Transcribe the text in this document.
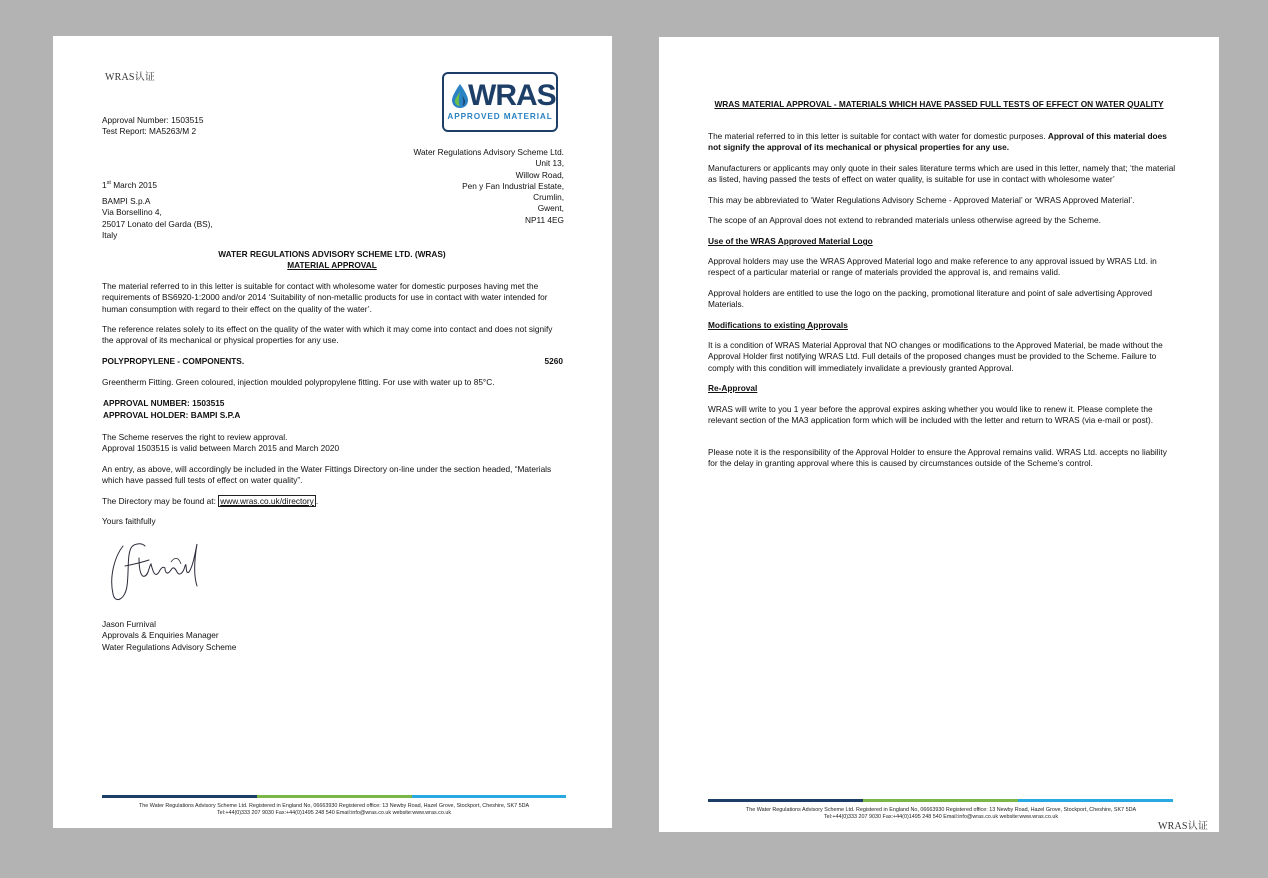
WRAS认证
WRAS
APPROVED MATERIAL
Approval Number: 1503515
Test Report: MA5263/M 2
Water Regulations Advisory Scheme Ltd.
Unit 13,
Willow Road,
Pen y Fan Industrial Estate,
Crumlin,
Gwent,
NP11 4EG
1st March 2015
BAMPI S.p.A
Via Borsellino 4,
25017 Lonato del Garda (BS),
Italy
WATER REGULATIONS ADVISORY SCHEME LTD. (WRAS)
MATERIAL APPROVAL
The material referred to in this letter is suitable for contact with wholesome water for domestic purposes having met the requirements of BS6920-1:2000 and/or 2014 ‘Suitability of non-metallic products for use in contact with water intended for human consumption with regard to their effect on the quality of the water’.
The reference relates solely to its effect on the quality of the water with which it may come into contact and does not signify the approval of its mechanical or physical properties for any use.
POLYPROPYLENE - COMPONENTS.	5260
Greentherm Fitting. Green coloured, injection moulded polypropylene fitting. For use with water up to 85°C.
APPROVAL NUMBER: 1503515
APPROVAL HOLDER: BAMPI S.P.A
The Scheme reserves the right to review approval.
Approval 1503515 is valid between March 2015 and March 2020
An entry, as above, will accordingly be included in the Water Fittings Directory on-line under the section headed, “Materials which have passed full tests of effect on water quality”.
The Directory may be found at: www.wras.co.uk/directory .
Yours faithfully
Jason Furnival
Approvals & Enquiries Manager
Water Regulations Advisory Scheme
The Water Regulations Advisory Scheme Ltd. Registered in England No, 06663930 Registered office: 13 Newby Road, Hazel Grove, Stockport, Cheshire, SK7 5DA
Tel:+44(0)333 207 9030 Fax:+44(0)1495 248 540 Email:info@wras.co.uk website:www.wras.co.uk
WRAS MATERIAL APPROVAL - MATERIALS WHICH HAVE PASSED FULL TESTS OF EFFECT ON WATER QUALITY
The material referred to in this letter is suitable for contact with water for domestic purposes. Approval of this material does not signify the approval of its mechanical or physical properties for any use.
Manufacturers or applicants may only quote in their sales literature terms which are used in this letter, namely that; ‘the material as listed, having passed the tests of effect on water quality, is suitable for use in contact with wholesome water’
This may be abbreviated to ‘Water Regulations Advisory Scheme - Approved Material’ or ‘WRAS Approved Material’.
The scope of an Approval does not extend to rebranded materials unless otherwise agreed by the Scheme.
Use of the WRAS Approved Material Logo
Approval holders may use the WRAS Approved Material logo and make reference to any approval issued by WRAS Ltd. in respect of a particular material or range of materials provided the approval is, and remains valid.
Approval holders are entitled to use the logo on the packing, promotional literature and point of sale advertising Approved Materials.
Modifications to existing Approvals
It is a condition of WRAS Material Approval that NO changes or modifications to the Approved Material, be made without the Approval Holder first notifying WRAS Ltd. Full details of the proposed changes must be provided to the Scheme. Failure to comply with this condition will immediately invalidate a previously granted Approval.
Re-Approval
WRAS will write to you 1 year before the approval expires asking whether you would like to renew it. Please complete the relevant section of the MA3 application form which will be included with the letter and return to WRAS (via e-mail or post).
Please note it is the responsibility of the Approval Holder to ensure the Approval remains valid. WRAS Ltd. accepts no liability for the delay in granting approval where this is caused by circumstances outside of the Scheme’s control.
The Water Regulations Advisory Scheme Ltd. Registered in England No, 06663930 Registered office: 13 Newby Road, Hazel Grove, Stockport, Cheshire, SK7 5DA
Tel:+44(0)333 207 9030 Fax:+44(0)1495 248 540 Email:info@wras.co.uk website:www.wras.co.uk
WRAS认证
